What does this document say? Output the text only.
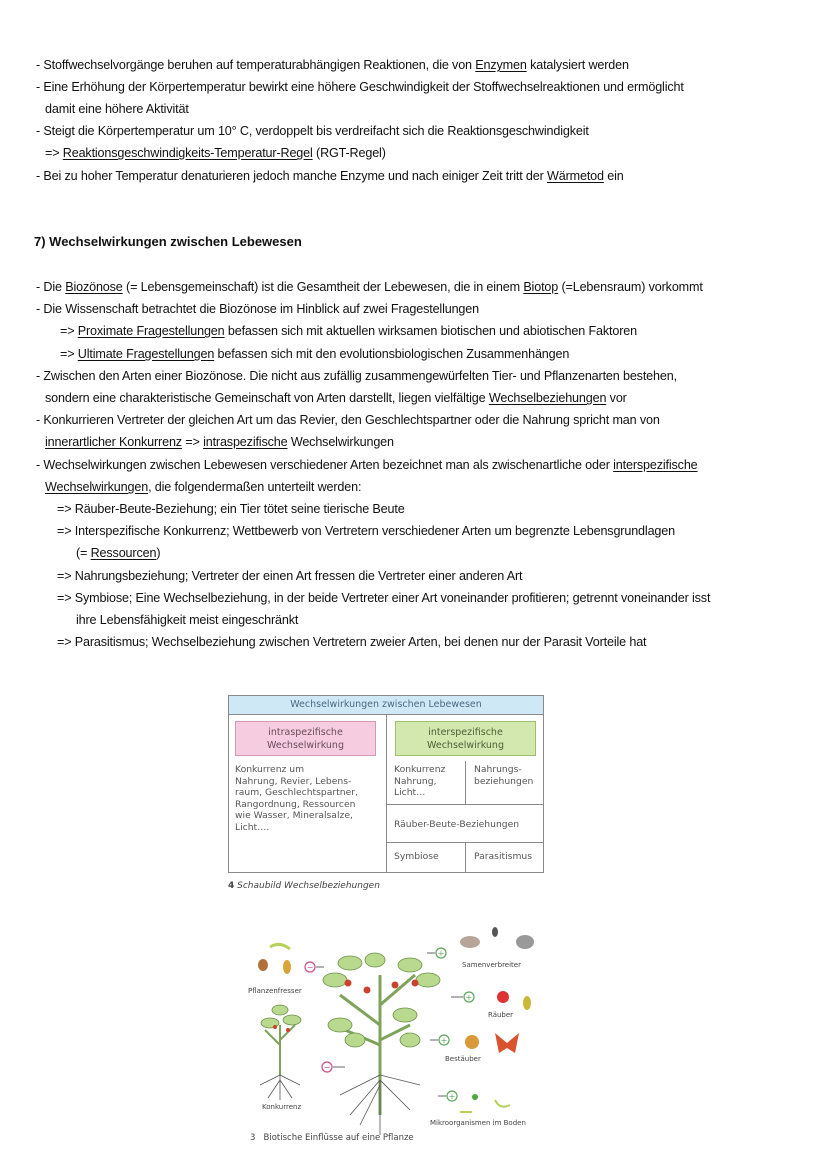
- Stoffwechselvorgänge beruhen auf temperaturabhängigen Reaktionen, die von Enzymen katalysiert werden
- Eine Erhöhung der Körpertemperatur bewirkt eine höhere Geschwindigkeit der Stoffwechselreaktionen und ermöglicht
damit eine höhere Aktivität
- Steigt die Körpertemperatur um 10° C, verdoppelt bis verdreifacht sich die Reaktionsgeschwindigkeit
=> Reaktionsgeschwindigkeits-Temperatur-Regel (RGT-Regel)
- Bei zu hoher Temperatur denaturieren jedoch manche Enzyme und nach einiger Zeit tritt der Wärmetod ein
7) Wechselwirkungen zwischen Lebewesen
- Die Biozönose (= Lebensgemeinschaft) ist die Gesamtheit der Lebewesen, die in einem Biotop (=Lebensraum) vorkommt
- Die Wissenschaft betrachtet die Biozönose im Hinblick auf zwei Fragestellungen
=> Proximate Fragestellungen befassen sich mit aktuellen wirksamen biotischen und abiotischen Faktoren
=> Ultimate Fragestellungen befassen sich mit den evolutionsbiologischen Zusammenhängen
- Zwischen den Arten einer Biozönose. Die nicht aus zufällig zusammengewürfelten Tier- und Pflanzenarten bestehen,
sondern eine charakteristische Gemeinschaft von Arten darstellt, liegen vielfältige Wechselbeziehungen vor
- Konkurrieren Vertreter der gleichen Art um das Revier, den Geschlechtspartner oder die Nahrung spricht man von
innerartlicher Konkurrenz => intraspezifische Wechselwirkungen
- Wechselwirkungen zwischen Lebewesen verschiedener Arten bezeichnet man als zwischenartliche oder interspezifische
Wechselwirkungen, die folgendermaßen unterteilt werden:
=> Räuber-Beute-Beziehung; ein Tier tötet seine tierische Beute
=> Interspezifische Konkurrenz; Wettbewerb von Vertretern verschiedener Arten um begrenzte Lebensgrundlagen
(= Ressourcen)
=> Nahrungsbeziehung; Vertreter der einen Art fressen die Vertreter einer anderen Art
=> Symbiose; Eine Wechselbeziehung, in der beide Vertreter einer Art voneinander profitieren; getrennt voneinander isst
ihre Lebensfähigkeit meist eingeschränkt
=> Parasitismus; Wechselbeziehung zwischen Vertretern zweier Arten, bei denen nur der Parasit Vorteile hat
Wechselwirkungen zwischen Lebewesen
intraspezifische
Wechselwirkung
interspezifische
Wechselwirkung
Konkurrenz um
Nahrung, Revier, Lebens-
raum, Geschlechtspartner,
Rangordnung, Ressourcen
wie Wasser, Mineralsalze,
Licht….
Konkurrenz
Nahrung,
Licht…
Nahrungs-
beziehungen
Räuber-Beute-Beziehungen
Symbiose	Parasitismus
4 Schaubild Wechselbeziehungen
−
−
+
+
+
+
Pflanzenfresser
Samenverbreiter
Räuber
Bestäuber
Konkurrenz
Mikroorganismen im Boden
3 Biotische Einflüsse auf eine Pflanze
